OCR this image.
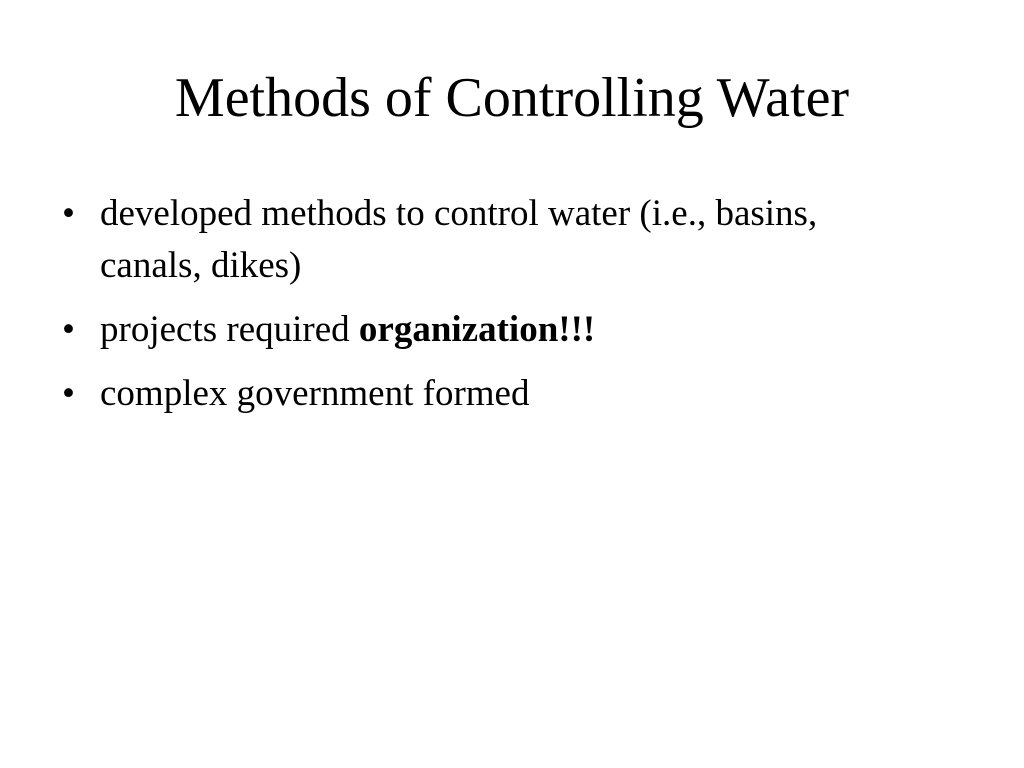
Methods of Controlling Water
• developed methods to control water (i.e., basins, canals, dikes)
• projects required organization!!!
• complex government formed
